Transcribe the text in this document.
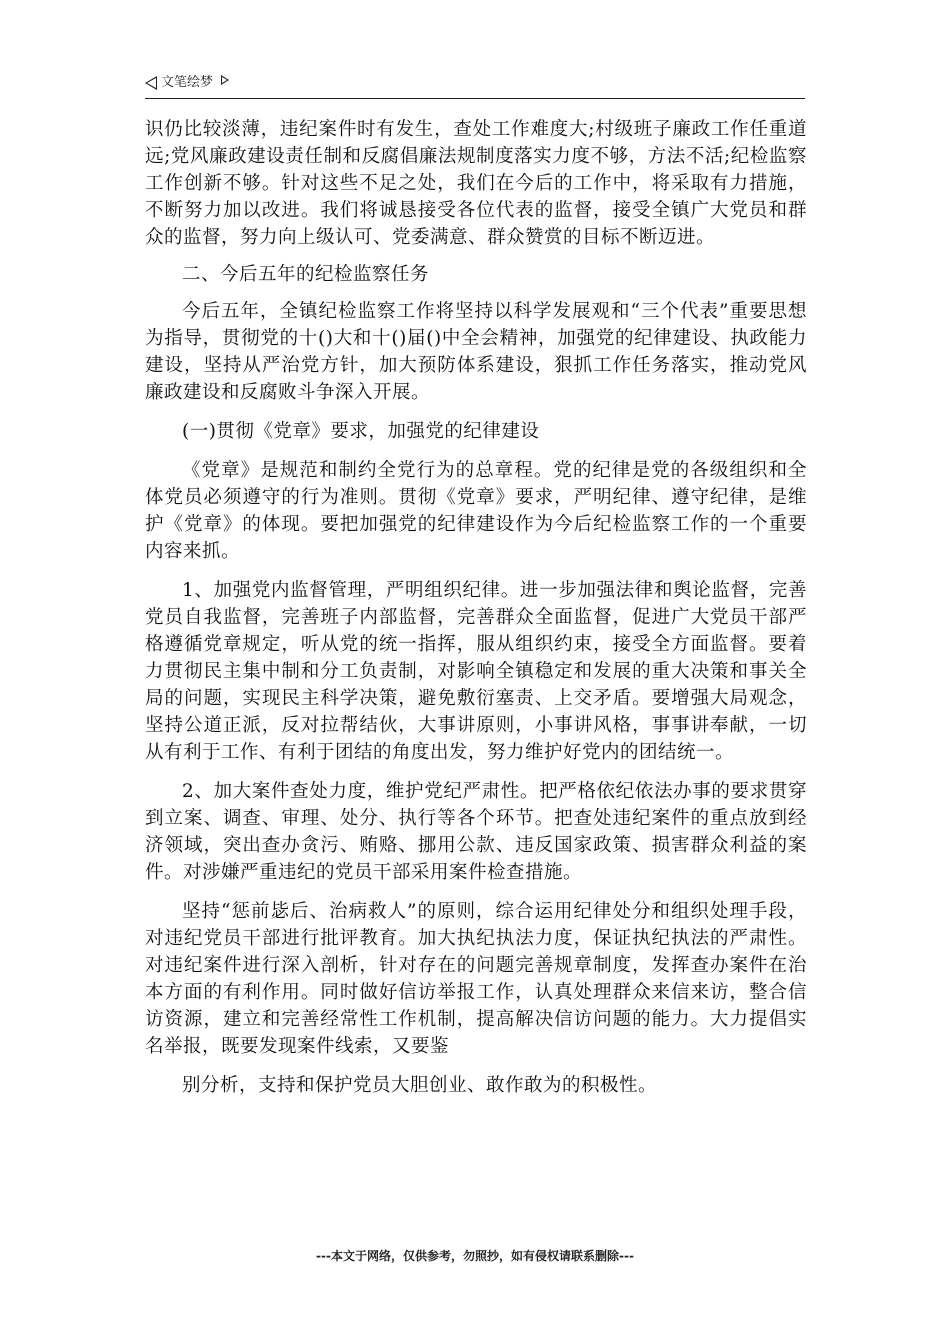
文笔绘梦

识仍比较淡薄，违纪案件时有发生，查处工作难度大;村级班子廉政工作任重道远;党风廉政建设责任制和反腐倡廉法规制度落实力度不够，方法不活;纪检监察工作创新不够。针对这些不足之处，我们在今后的工作中，将采取有力措施，不断努力加以改进。我们将诚恳接受各位代表的监督，接受全镇广大党员和群众的监督，努力向上级认可、党委满意、群众赞赏的目标不断迈进。

二、今后五年的纪检监察任务

今后五年，全镇纪检监察工作将坚持以科学发展观和“三个代表”重要思想为指导，贯彻党的十()大和十()届()中全会精神，加强党的纪律建设、执政能力建设，坚持从严治党方针，加大预防体系建设，狠抓工作任务落实，推动党风廉政建设和反腐败斗争深入开展。

(一)贯彻《党章》要求，加强党的纪律建设

《党章》是规范和制约全党行为的总章程。党的纪律是党的各级组织和全体党员必须遵守的行为准则。贯彻《党章》要求，严明纪律、遵守纪律，是维护《党章》的体现。要把加强党的纪律建设作为今后纪检监察工作的一个重要内容来抓。

1、加强党内监督管理，严明组织纪律。进一步加强法律和舆论监督，完善党员自我监督，完善班子内部监督，完善群众全面监督，促进广大党员干部严格遵循党章规定，听从党的统一指挥，服从组织约束，接受全方面监督。要着力贯彻民主集中制和分工负责制，对影响全镇稳定和发展的重大决策和事关全局的问题，实现民主科学决策，避免敷衍塞责、上交矛盾。要增强大局观念，坚持公道正派，反对拉帮结伙，大事讲原则，小事讲风格，事事讲奉献，一切从有利于工作、有利于团结的角度出发，努力维护好党内的团结统一。

2、加大案件查处力度，维护党纪严肃性。把严格依纪依法办事的要求贯穿到立案、调查、审理、处分、执行等各个环节。把查处违纪案件的重点放到经济领域，突出查办贪污、贿赂、挪用公款、违反国家政策、损害群众利益的案件。对涉嫌严重违纪的党员干部采用案件检查措施。

坚持“惩前毖后、治病救人”的原则，综合运用纪律处分和组织处理手段，对违纪党员干部进行批评教育。加大执纪执法力度，保证执纪执法的严肃性。对违纪案件进行深入剖析，针对存在的问题完善规章制度，发挥查办案件在治本方面的有利作用。同时做好信访举报工作，认真处理群众来信来访，整合信访资源，建立和完善经常性工作机制，提高解决信访问题的能力。大力提倡实名举报，既要发现案件线索，又要鉴

别分析，支持和保护党员大胆创业、敢作敢为的积极性。

---本文于网络，仅供参考，勿照抄，如有侵权请联系删除---
